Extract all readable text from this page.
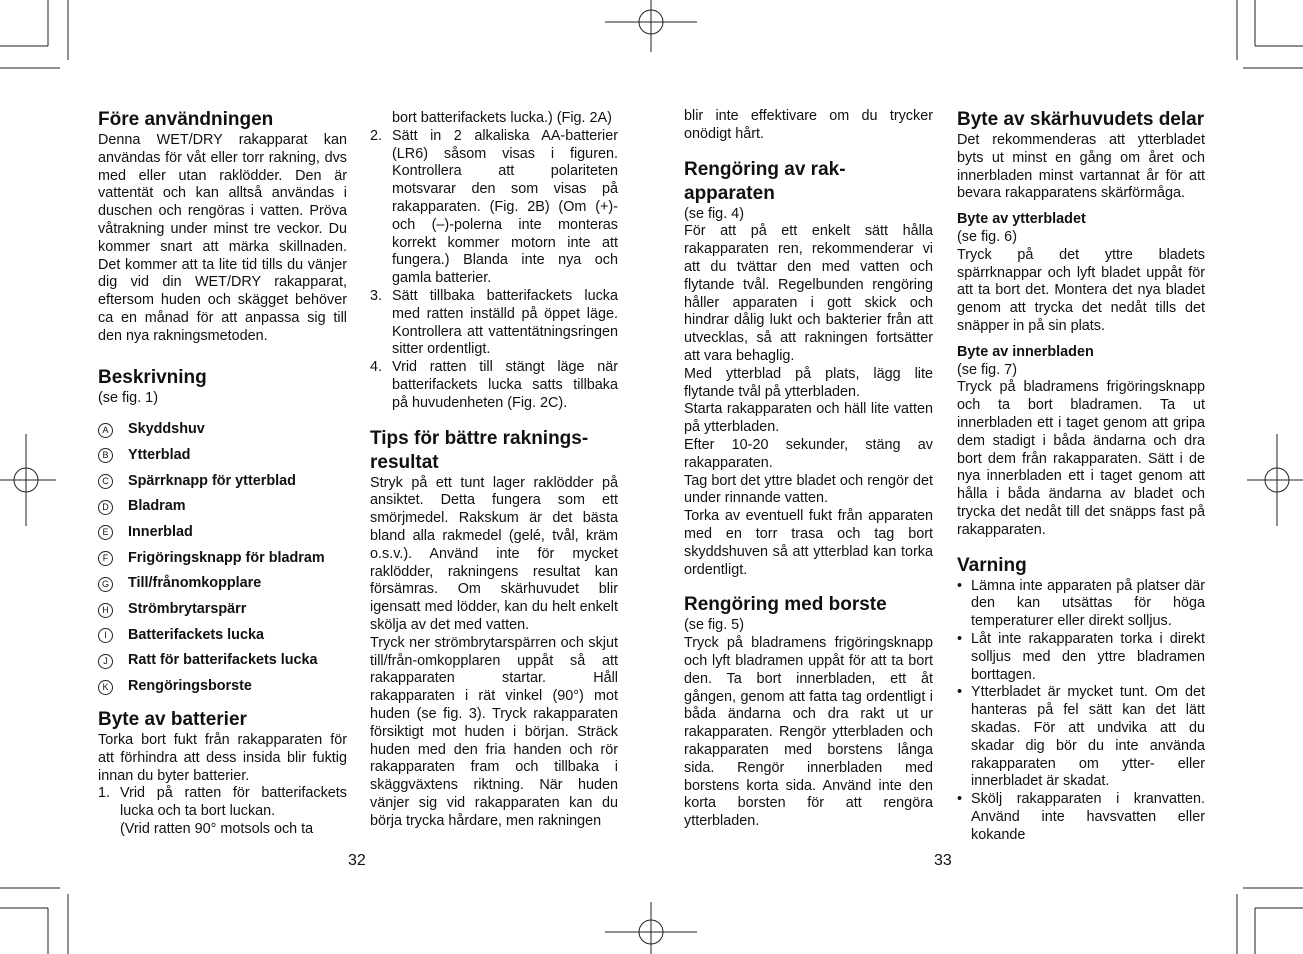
Före användningen

Denna WET/DRY rakapparat kan användas för våt eller torr rakning, dvs med eller utan raklödder. Den är vattentät och kan alltså användas i duschen och rengöras i vatten. Pröva våtrakning under minst tre veckor. Du kommer snart att märka skillnaden. Det kommer att ta lite tid tills du vänjer dig vid din WET/DRY rakapparat, eftersom huden och skägget behöver ca en månad för att anpassa sig till den nya rakningsmetoden.

Beskrivning

(se fig. 1)

A	Skyddshuv
B	Ytterblad
C Spärrknapp för ytterblad
D Bladram
E	Innerblad
F	Frigöringsknapp för bladram
G Till/frånomkopplare
H Strömbrytarspärr
I	Batterifackets lucka
J	Ratt för batterifackets lucka
K	Rengöringsborste
Byte av batterier

Torka bort fukt från rakapparaten för att förhindra att dess insida blir fuktig innan du byter batterier.

1. Vrid på ratten för batterifackets lucka och ta bort luckan.

(Vrid ratten 90° motsols och ta

bort batterifackets lucka.) (Fig. 2A)

2. Sätt in 2 alkaliska AA-batterier (LR6) såsom visas i figuren. Kontrollera att polariteten motsvarar den som visas på rakapparaten. (Fig. 2B) (Om (+)- och (–)-polerna inte monteras korrekt kommer motorn inte att fungera.) Blanda inte nya och gamla batterier.
3. Sätt tillbaka batterifackets lucka med ratten inställd på öppet läge. Kontrollera att vattentätningsringen sitter ordentligt.
4. Vrid ratten till stängt läge när batterifackets lucka satts tillbaka på huvudenheten (Fig. 2C).
Tips för bättre raknings-resultat

Stryk på ett tunt lager raklödder på ansiktet. Detta fungera som ett smörjmedel. Rakskum är det bästa bland alla rakmedel (gelé, tvål, kräm o.s.v.). Använd inte för mycket raklödder, rakningens resultat kan försämras. Om skärhuvudet blir igensatt med lödder, kan du helt enkelt skölja av det med vatten.

Tryck ner strömbrytarspärren och skjut till/från-omkopplaren uppåt så att rakapparaten startar. Håll rakapparaten i rät vinkel (90°) mot huden (se fig. 3). Tryck rakapparaten försiktigt mot huden i början. Sträck huden med den fria handen och rör rakapparaten fram och tillbaka i skäggväxtens riktning. När huden vänjer sig vid rakapparaten kan du börja trycka hårdare, men rakningen

blir inte effektivare om du trycker onödigt hårt.

Rengöring av rak-apparaten

(se fig. 4)

För att på ett enkelt sätt hålla rakapparaten ren, rekommenderar vi att du tvättar den med vatten och flytande tvål. Regelbunden rengöring håller apparaten i gott skick och hindrar dålig lukt och bakterier från att utvecklas, så att rakningen fortsätter att vara behaglig.

Med ytterblad på plats, lägg lite flytande tvål på ytterbladen.

Starta rakapparaten och häll lite vatten på ytterbladen.

Efter 10-20 sekunder, stäng av rakapparaten.

Tag bort det yttre bladet och rengör det under rinnande vatten.

Torka av eventuell fukt från apparaten med en torr trasa och tag bort skyddshuven så att ytterblad kan torka ordentligt.

Rengöring med borste

(se fig. 5)

Tryck på bladramens frigöringsknapp och lyft bladramen uppåt för att ta bort den. Ta bort innerbladen, ett åt gången, genom att fatta tag ordentligt i båda ändarna och dra rakt ut ur rakapparaten. Rengör ytterbladen och rakapparaten med borstens långa sida. Rengör innerbladen med borstens korta sida. Använd inte den korta borsten för att rengöra ytterbladen.

Byte av skärhuvudets delar

Det rekommenderas att ytterbladet byts ut minst en gång om året och innerbladen minst vartannat år för att bevara rakapparatens skärförmåga.

Byte av ytterbladet

(se fig. 6)

Tryck på det yttre bladets spärrknappar och lyft bladet uppåt för att ta bort det. Montera det nya bladet genom att trycka det nedåt tills det snäpper in på sin plats.

Byte av innerbladen

(se fig. 7)

Tryck på bladramens frigöringsknapp och ta bort bladramen. Ta ut innerbladen ett i taget genom att gripa dem stadigt i båda ändarna och dra bort dem från rakapparaten. Sätt i de nya innerbladen ett i taget genom att hålla i båda ändarna av bladet och trycka det nedåt till det snäpps fast på rakapparaten.

Varning
• Lämna inte apparaten på platser där den kan utsättas för höga temperaturer eller direkt solljus.
• Låt inte rakapparaten torka i direkt solljus med den yttre bladramen borttagen.
• Ytterbladet är mycket tunt. Om det hanteras på fel sätt kan det lätt skadas. För att undvika att du skadar dig bör du inte använda rakapparaten om ytter- eller innerbladet är skadat.
• Skölj rakapparaten i kranvatten. Använd inte havsvatten eller kokande
32	33
